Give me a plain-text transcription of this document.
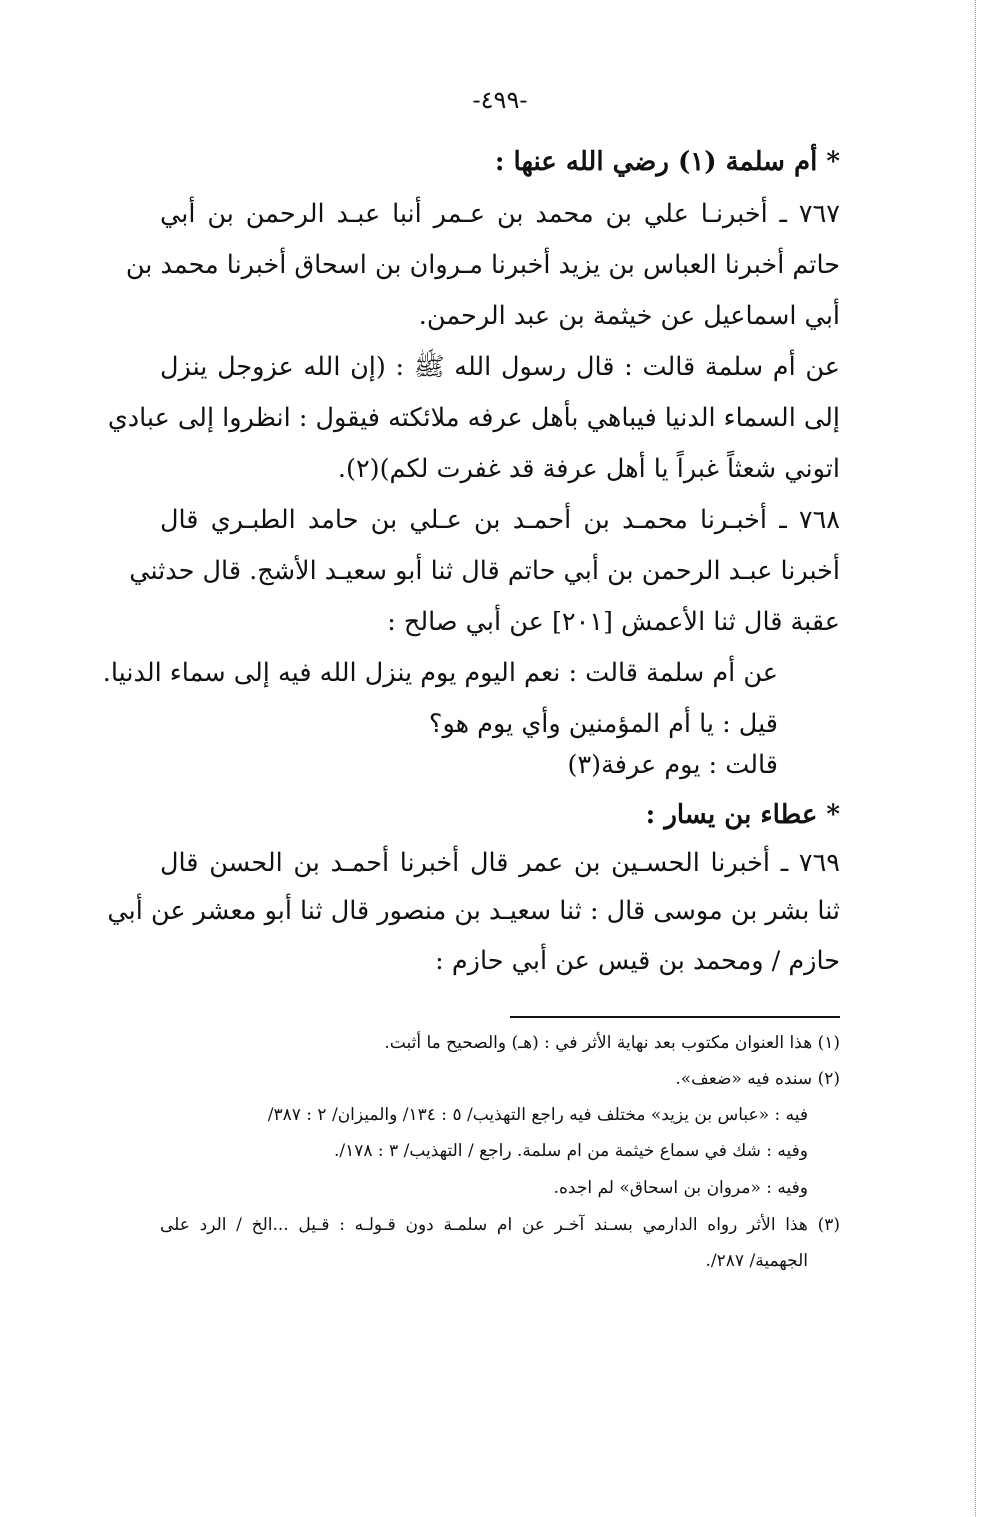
-٤٩٩-
* أم سلمة (١) رضي الله عنها :
٧٦٧ ـ أخبرنـا علي بن محمد بن عـمر أنبا عبـد الرحمن بن أبي
حاتم أخبرنا العباس بن يزيد أخبرنا مـروان بن اسحاق أخبرنا محمد بن
أبي اسماعيل عن خيثمة بن عبد الرحمن.
عن أم سلمة قالت : قال رسول الله ﷺ : (إن الله عزوجل ينزل
إلى السماء الدنيا فيباهي بأهل عرفه ملائكته فيقول : انظروا إلى عبادي
اتوني شعثاً غبراً يا أهل عرفة قد غفرت لكم)(٢).
٧٦٨ ـ أخبـرنا محمـد بن أحمـد بن عـلي بن حامد الطبـري قال
أخبرنا عبـد الرحمن بن أبي حاتم قال ثنا أبو سعيـد الأشج. قال حدثني
عقبة قال ثنا الأعمش [٢٠١] عن أبي صالح :
عن أم سلمة قالت : نعم اليوم يوم ينزل الله فيه إلى سماء الدنيا.
قيل : يا أم المؤمنين وأي يوم هو؟
قالت : يوم عرفة(٣)
* عطاء بن يسار :
٧٦٩ ـ أخبرنا الحسـين بن عمر قال أخبرنا أحمـد بن الحسن قال
ثنا بشر بن موسى قال : ثنا سعيـد بن منصور قال ثنا أبو معشر عن أبي
حازم / ومحمد بن قيس عن أبي حازم :
(١) هذا العنوان مكتوب بعد نهاية الأثر في : (هـ) والصحيح ما أثبت.
(٢) سنده فيه «ضعف».
فيه : «عباس بن يزيد» مختلف فيه راجع التهذيب/ ٥ : ١٣٤/ والميزان/ ٢ : ٣٨٧/
وفيه : شك في سماع خيثمة من ام سلمة. راجع / التهذيب/ ٣ : ١٧٨/.
وفيه : «مروان بن اسحاق» لم اجده.
(٣) هذا الأثر رواه الدارمي بسـند آخـر عن ام سلمـة دون قـولـه : قـيل ...الخ / الرد على
الجهمية/ ٢٨٧/.
